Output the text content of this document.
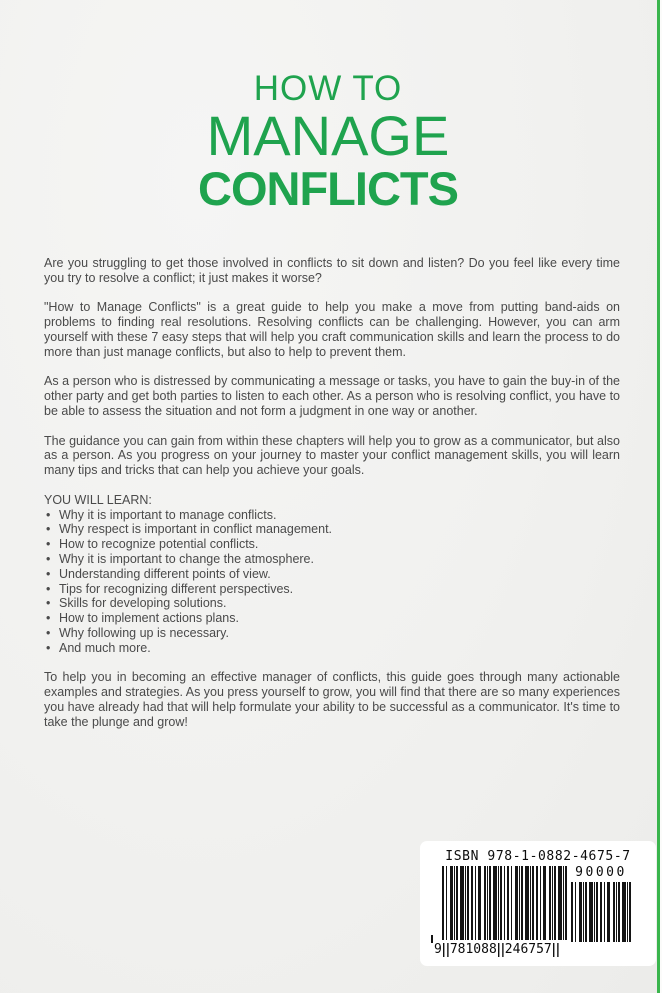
HOW TO
MANAGE
CONFLICTS

Are you struggling to get those involved in conflicts to sit down and listen? Do you feel like every time you try to resolve a conflict; it just makes it worse?

"How to Manage Conflicts" is a great guide to help you make a move from putting band-aids on problems to finding real resolutions. Resolving conflicts can be challenging. However, you can arm yourself with these 7 easy steps that will help you craft communication skills and learn the process to do more than just manage conflicts, but also to help to prevent them.

As a person who is distressed by communicating a message or tasks, you have to gain the buy-in of the other party and get both parties to listen to each other. As a person who is resolving conflict, you have to be able to assess the situation and not form a judgment in one way or another.

The guidance you can gain from within these chapters will help you to grow as a communicator, but also as a person. As you progress on your journey to master your conflict management skills, you will learn many tips and tricks that can help you achieve your goals.

YOU WILL LEARN:

• Why it is important to manage conflicts.
• Why respect is important in conflict management.
• How to recognize potential conflicts.
• Why it is important to change the atmosphere.
• Understanding different points of view.
• Tips for recognizing different perspectives.
• Skills for developing solutions.
• How to implement actions plans.
• Why following up is necessary.
• And much more.

To help you in becoming an effective manager of conflicts, this guide goes through many actionable examples and strategies. As you press yourself to grow, you will find that there are so many experiences you have already had that will help formulate your ability to be successful as a communicator. It's time to take the plunge and grow!

ISBN 978-1-0882-4675-7
9 781088 246757
90000
